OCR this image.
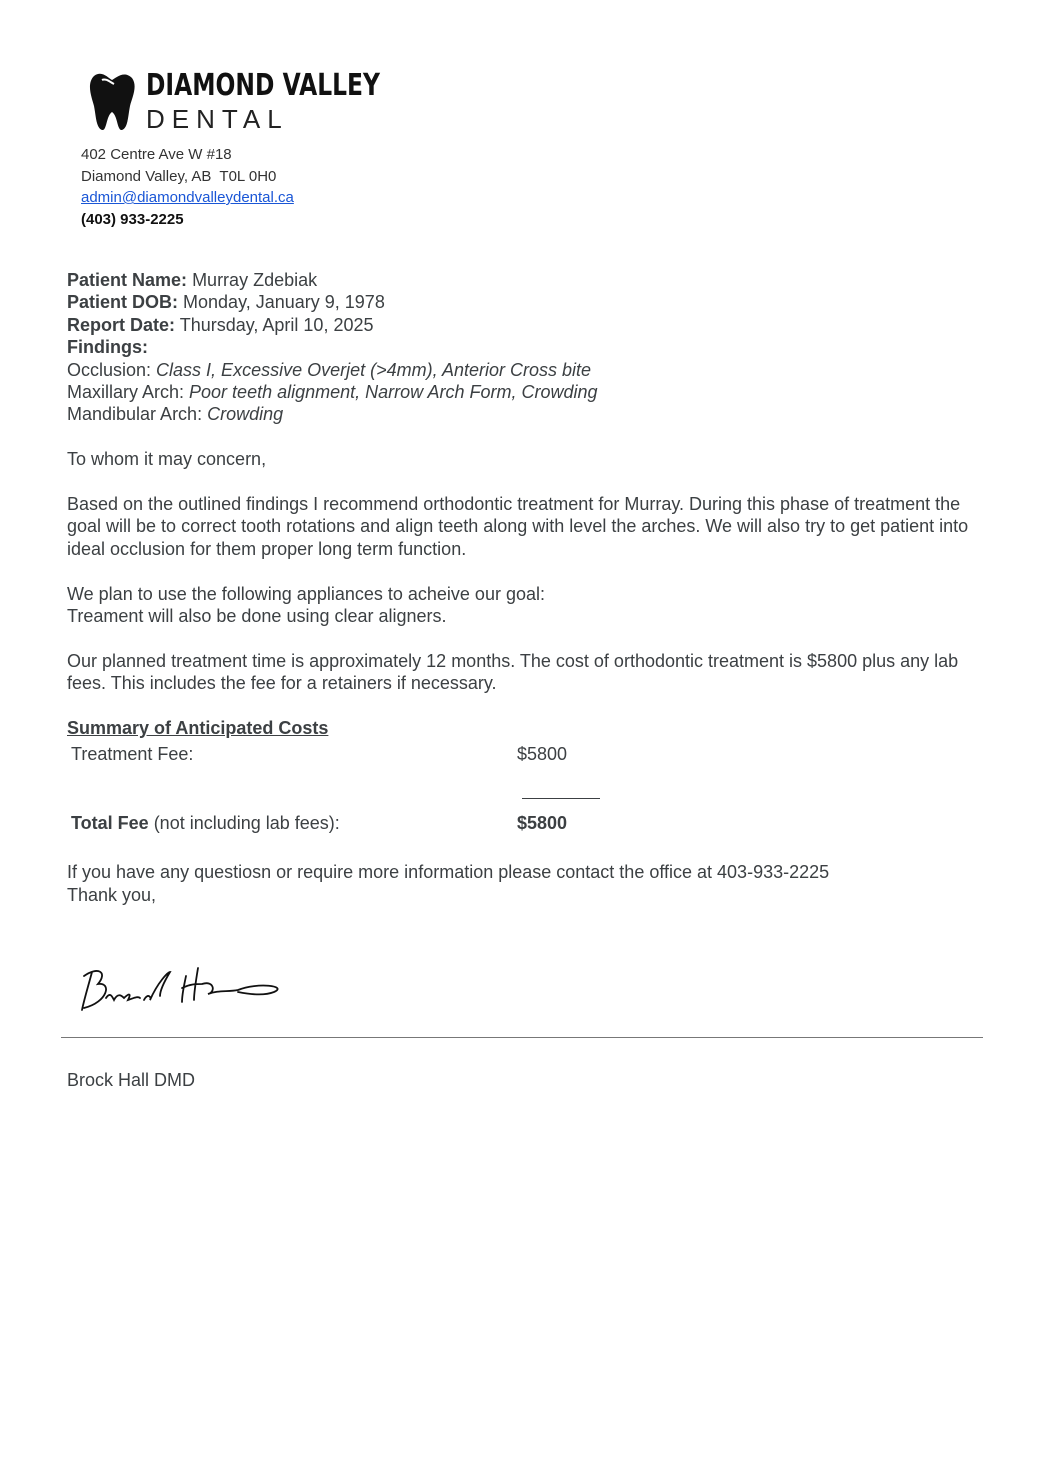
DIAMOND VALLEY
DENTAL
402 Centre Ave W #18
Diamond Valley, AB  T0L 0H0
admin@diamondvalleydental.ca
(403) 933-2225

Patient Name: Murray Zdebiak

Patient DOB: Monday, January 9, 1978

Report Date: Thursday, April 10, 2025

Findings:

Occlusion: Class I, Excessive Overjet (>4mm), Anterior Cross bite

Maxillary Arch: Poor teeth alignment, Narrow Arch Form, Crowding

Mandibular Arch: Crowding

To whom it may concern,

Based on the outlined findings I recommend orthodontic treatment for Murray. During this phase of treatment the goal will be to correct tooth rotations and align teeth along with level the arches. We will also try to get patient into ideal occlusion for them proper long term function.

We plan to use the following appliances to acheive our goal:

Treament will also be done using clear aligners.

Our planned treatment time is approximately 12 months. The cost of orthodontic treatment is $5800 plus any lab fees. This includes the fee for a retainers if necessary.

Summary of Anticipated Costs

Treatment Fee:	$5800
Total Fee (not including lab fees):	$5800

If you have any questiosn or require more information please contact the office at 403-933-2225

Thank you,

Brock Hall DMD
